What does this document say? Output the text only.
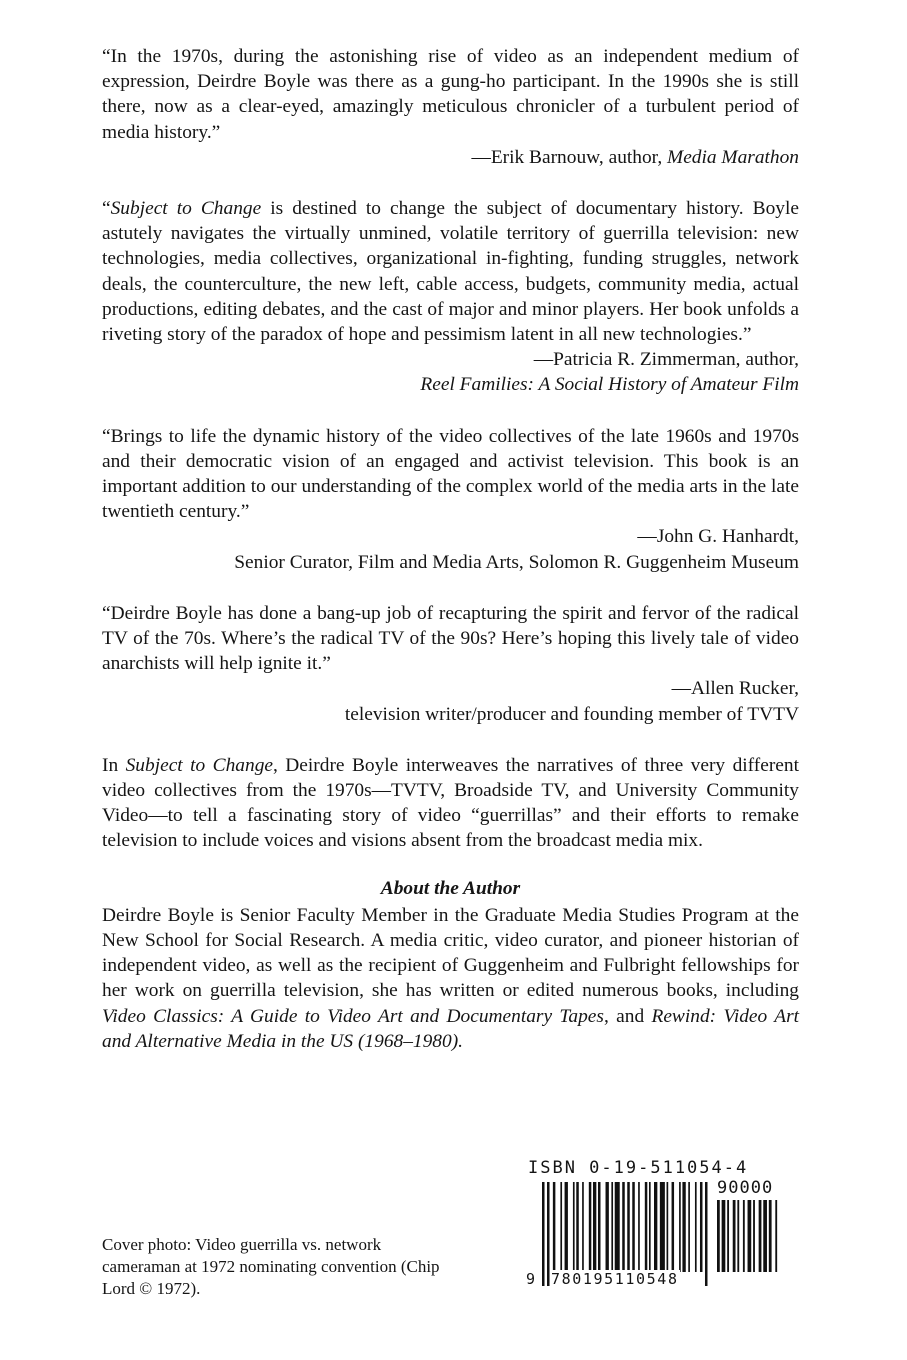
“In the 1970s, during the astonishing rise of video as an independent medium of expression, Deirdre Boyle was there as a gung-ho participant. In the 1990s she is still there, now as a clear-eyed, amazingly meticulous chronicler of a turbulent period of media history.”

—Erik Barnouw, author, Media Marathon

“Subject to Change is destined to change the subject of documentary history. Boyle astutely navigates the virtually unmined, volatile territory of guerrilla television: new technologies, media collectives, organizational in-fighting, funding struggles, network deals, the counterculture, the new left, cable access, budgets, community media, actual productions, editing debates, and the cast of major and minor players. Her book unfolds a riveting story of the paradox of hope and pessimism latent in all new technologies.”

—Patricia R. Zimmerman, author,

Reel Families: A Social History of Amateur Film

“Brings to life the dynamic history of the video collectives of the late 1960s and 1970s and their democratic vision of an engaged and activist television. This book is an important addition to our understanding of the complex world of the media arts in the late twentieth century.”

—John G. Hanhardt,

Senior Curator, Film and Media Arts, Solomon R. Guggenheim Museum

“Deirdre Boyle has done a bang-up job of recapturing the spirit and fervor of the radical TV of the 70s. Where’s the radical TV of the 90s? Here’s hoping this lively tale of video anarchists will help ignite it.”

—Allen Rucker,

television writer/producer and founding member of TVTV

In Subject to Change, Deirdre Boyle interweaves the narratives of three very different video collectives from the 1970s—TVTV, Broadside TV, and University Community Video—to tell a fascinating story of video “guerrillas” and their efforts to remake television to include voices and visions absent from the broadcast media mix.

About the Author

Deirdre Boyle is Senior Faculty Member in the Graduate Media Studies Program at the New School for Social Research. A media critic, video curator, and pioneer historian of independent video, as well as the recipient of Guggenheim and Fulbright fellowships for her work on guerrilla television, she has written or edited numerous books, including Video Classics: A Guide to Video Art and Documentary Tapes, and Rewind: Video Art and Alternative Media in the US (1968–1980).

Cover photo: Video guerrilla vs. network cameraman at 1972 nominating convention (Chip Lord © 1972).
ISBN 0-19-511054-4
90000
9 780195110548
